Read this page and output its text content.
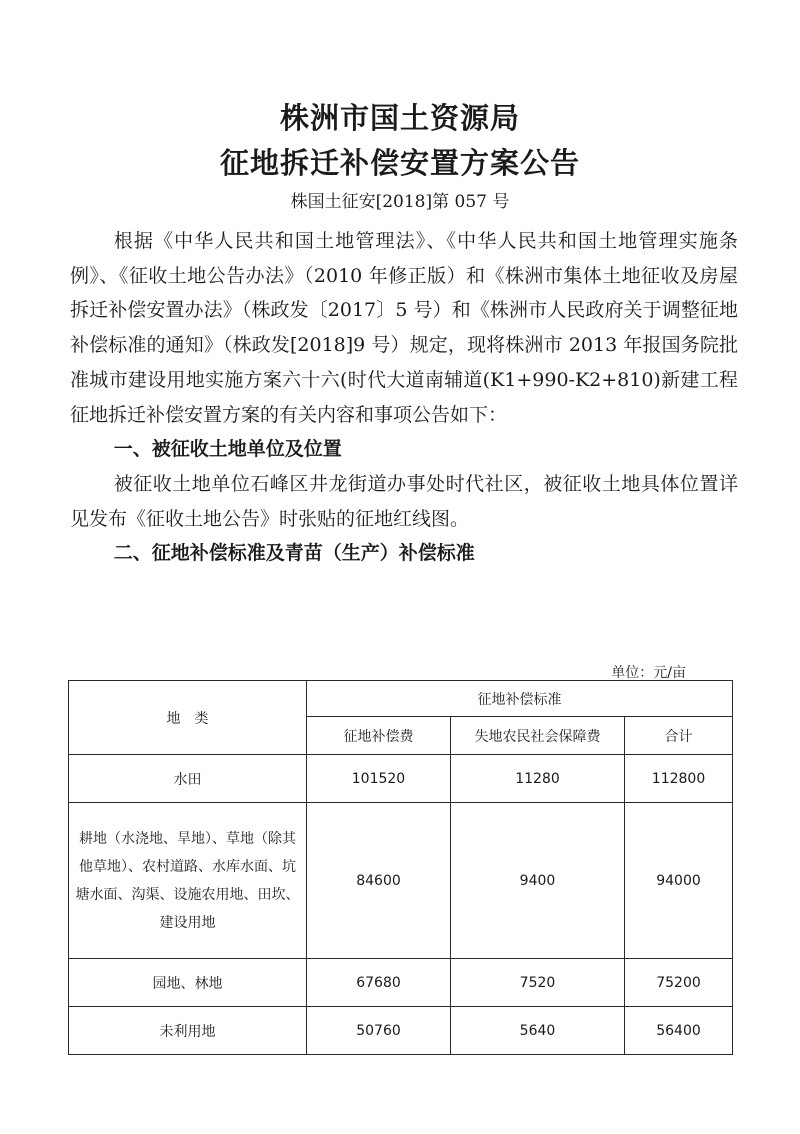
株洲市国土资源局
征地拆迁补偿安置方案公告
株国土征安[2018]第 057 号

根据《中华人民共和国土地管理法》、《中华人民共和国土地管理实施条例》、《征收土地公告办法》（2010 年修正版）和《株洲市集体土地征收及房屋拆迁补偿安置办法》（株政发〔2017〕5 号）和《株洲市人民政府关于调整征地补偿标准的通知》（株政发[2018]9 号）规定，现将株洲市 2013 年报国务院批准城市建设用地实施方案六十六(时代大道南辅道(K1+990-K2+810)新建工程征地拆迁补偿安置方案的有关内容和事项公告如下：

一、被征收土地单位及位置

被征收土地单位石峰区井龙街道办事处时代社区，被征收土地具体位置详见发布《征收土地公告》时张贴的征地红线图。

二、征地补偿标准及青苗（生产）补偿标准

单位：元/亩
地　类	征地补偿标准		
	征地补偿费	失地农民社会保障费	合计
水田	101520	11280	112800
耕地（水浇地、旱地）、草地（除其他草地）、农村道路、水库水面、坑塘水面、沟渠、设施农用地、田坎、建设用地	84600	9400	94000
园地、林地	67680	7520	75200
未利用地	50760	5640	56400
